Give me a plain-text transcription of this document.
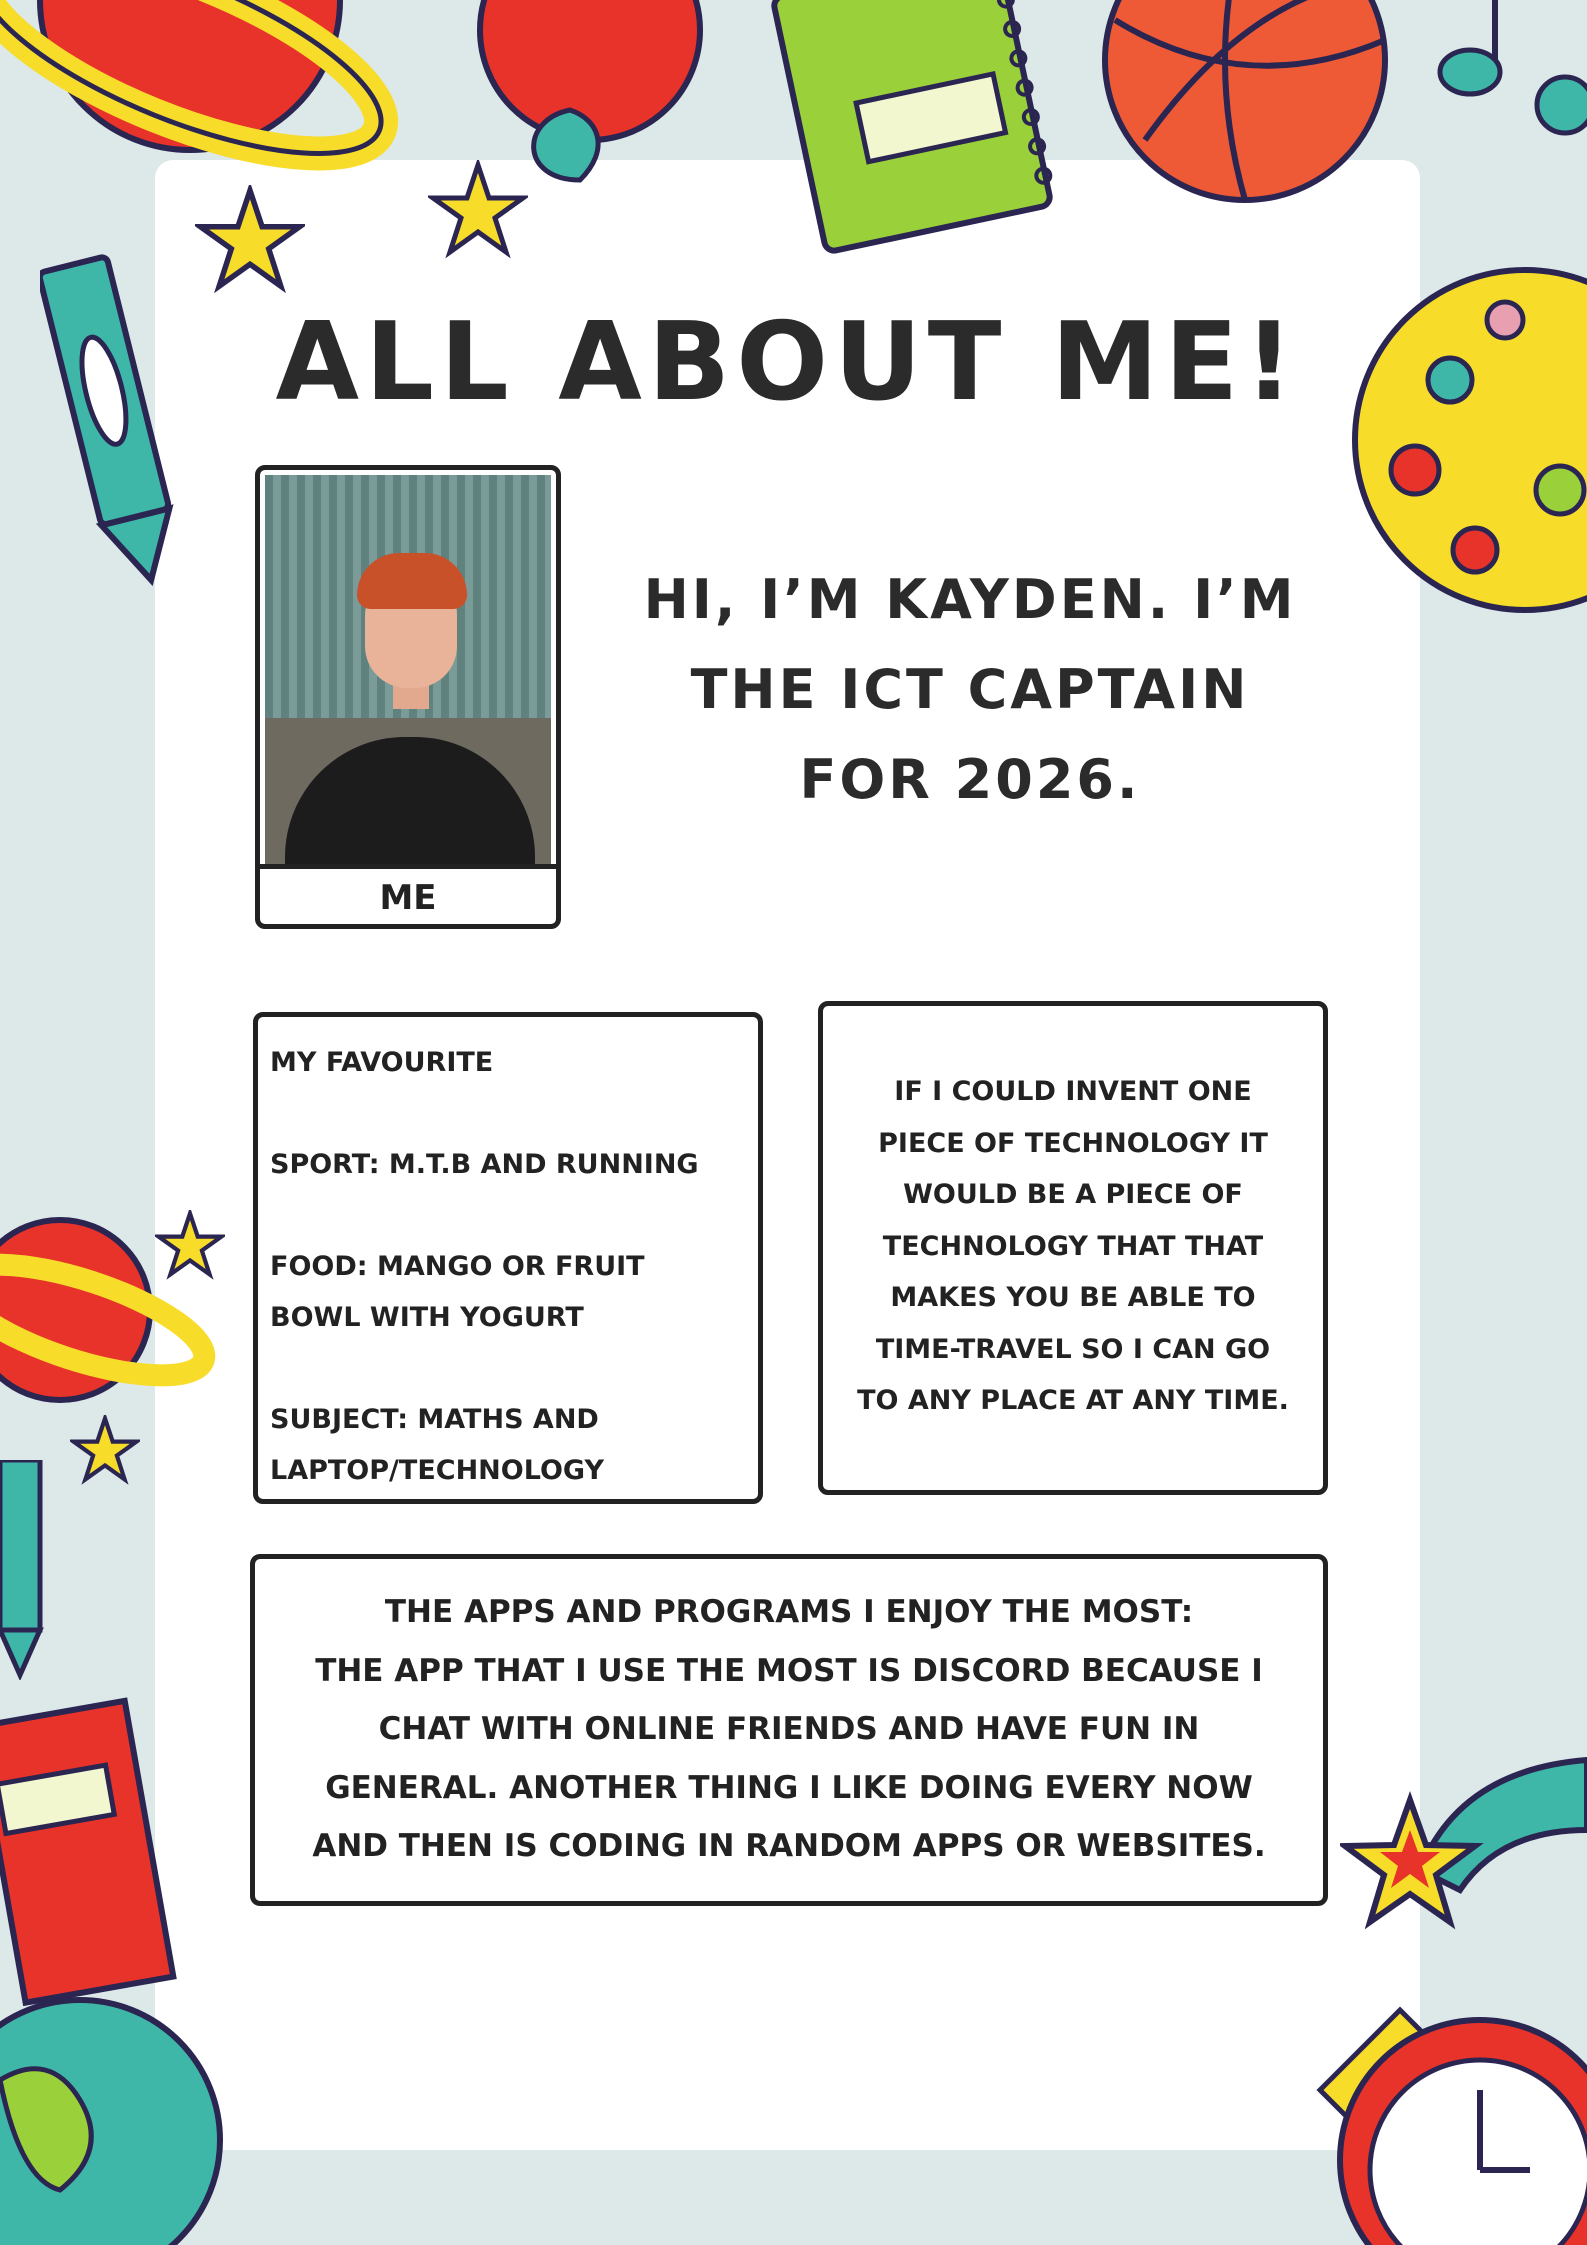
ALL ABOUT ME!
ME
HI, I’M KAYDEN. I’M
THE ICT CAPTAIN
FOR 2026.
MY FAVOURITE
SPORT: M.T.B AND RUNNING
FOOD: MANGO OR FRUIT
BOWL WITH YOGURT
SUBJECT: MATHS AND
LAPTOP/TECHNOLOGY
IF I COULD INVENT ONE
PIECE OF TECHNOLOGY IT
WOULD BE A PIECE OF
TECHNOLOGY THAT THAT
MAKES YOU BE ABLE TO
TIME-TRAVEL SO I CAN GO
TO ANY PLACE AT ANY TIME.
THE APPS AND PROGRAMS I ENJOY THE MOST:
THE APP THAT I USE THE MOST IS DISCORD BECAUSE I
CHAT WITH ONLINE FRIENDS AND HAVE FUN IN
GENERAL. ANOTHER THING I LIKE DOING EVERY NOW
AND THEN IS CODING IN RANDOM APPS OR WEBSITES.
